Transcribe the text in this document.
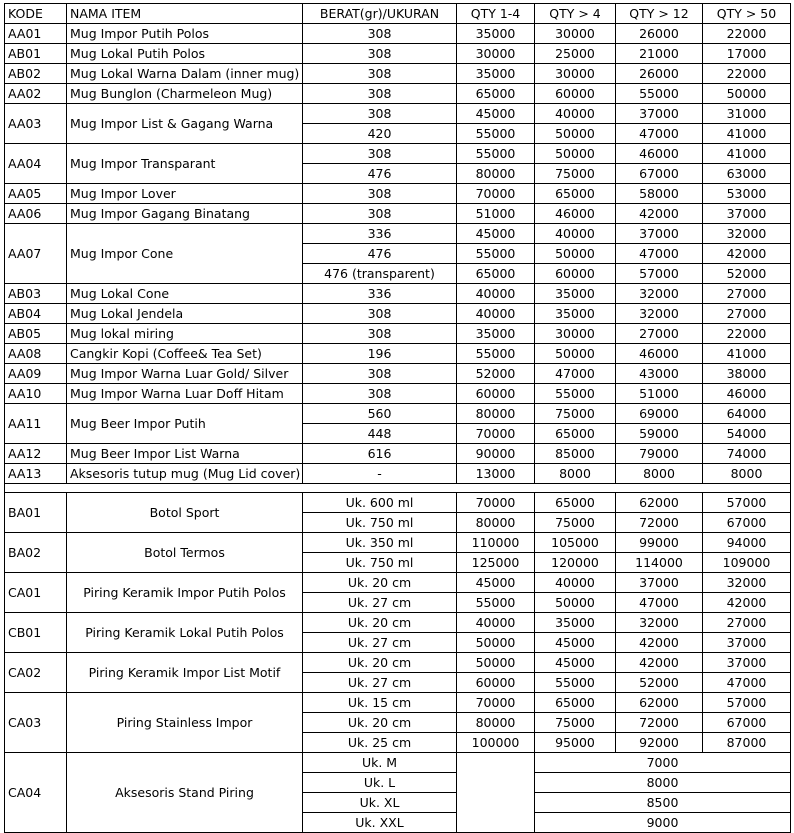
KODE	NAMA ITEM	BERAT(gr)/UKURAN	QTY 1-4	QTY > 4	QTY > 12	QTY > 50
AA01	Mug Impor Putih Polos	308	35000	30000	26000	22000
AB01	Mug Lokal Putih Polos	308	30000	25000	21000	17000
AB02	Mug Lokal Warna Dalam (inner mug)	308	35000	30000	26000	22000
AA02	Mug Bunglon (Charmeleon Mug)	308	65000	60000	55000	50000
AA03	Mug Impor List & Gagang Warna	308	45000	40000	37000	31000
		420	55000	50000	47000	41000
AA04	Mug Impor Transparant	308	55000	50000	46000	41000
		476	80000	75000	67000	63000
AA05	Mug Impor Lover	308	70000	65000	58000	53000
AA06	Mug Impor Gagang Binatang	308	51000	46000	42000	37000
AA07	Mug Impor Cone	336	45000	40000	37000	32000
		476	55000	50000	47000	42000
		476 (transparent)	65000	60000	57000	52000
AB03	Mug Lokal Cone	336	40000	35000	32000	27000
AB04	Mug Lokal Jendela	308	40000	35000	32000	27000
AB05	Mug lokal miring	308	35000	30000	27000	22000
AA08	Cangkir Kopi (Coffee& Tea Set)	196	55000	50000	46000	41000
AA09	Mug Impor Warna Luar Gold/ Silver	308	52000	47000	43000	38000
AA10	Mug Impor Warna Luar Doff Hitam	308	60000	55000	51000	46000
AA11	Mug Beer Impor Putih	560	80000	75000	69000	64000
		448	70000	65000	59000	54000
AA12	Mug Beer Impor List Warna	616	90000	85000	79000	74000
AA13	Aksesoris tutup mug (Mug Lid cover)	-	13000	8000	8000	8000

BA01	Botol Sport	Uk. 600 ml	70000	65000	62000	57000
		Uk. 750 ml	80000	75000	72000	67000
BA02	Botol Termos	Uk. 350 ml	110000	105000	99000	94000
		Uk. 750 ml	125000	120000	114000	109000
CA01	Piring Keramik Impor Putih Polos	Uk. 20 cm	45000	40000	37000	32000
		Uk. 27 cm	55000	50000	47000	42000
CB01	Piring Keramik Lokal Putih Polos	Uk. 20 cm	40000	35000	32000	27000
		Uk. 27 cm	50000	45000	42000	37000
CA02	Piring Keramik Impor List Motif	Uk. 20 cm	50000	45000	42000	37000
		Uk. 27 cm	60000	55000	52000	47000
CA03	Piring Stainless Impor	Uk. 15 cm	70000	65000	62000	57000
		Uk. 20 cm	80000	75000	72000	67000
		Uk. 25 cm	100000	95000	92000	87000
CA04	Aksesoris Stand Piring	Uk. M		7000		
		Uk. L		8000		
		Uk. XL		8500		
		Uk. XXL		9000		
